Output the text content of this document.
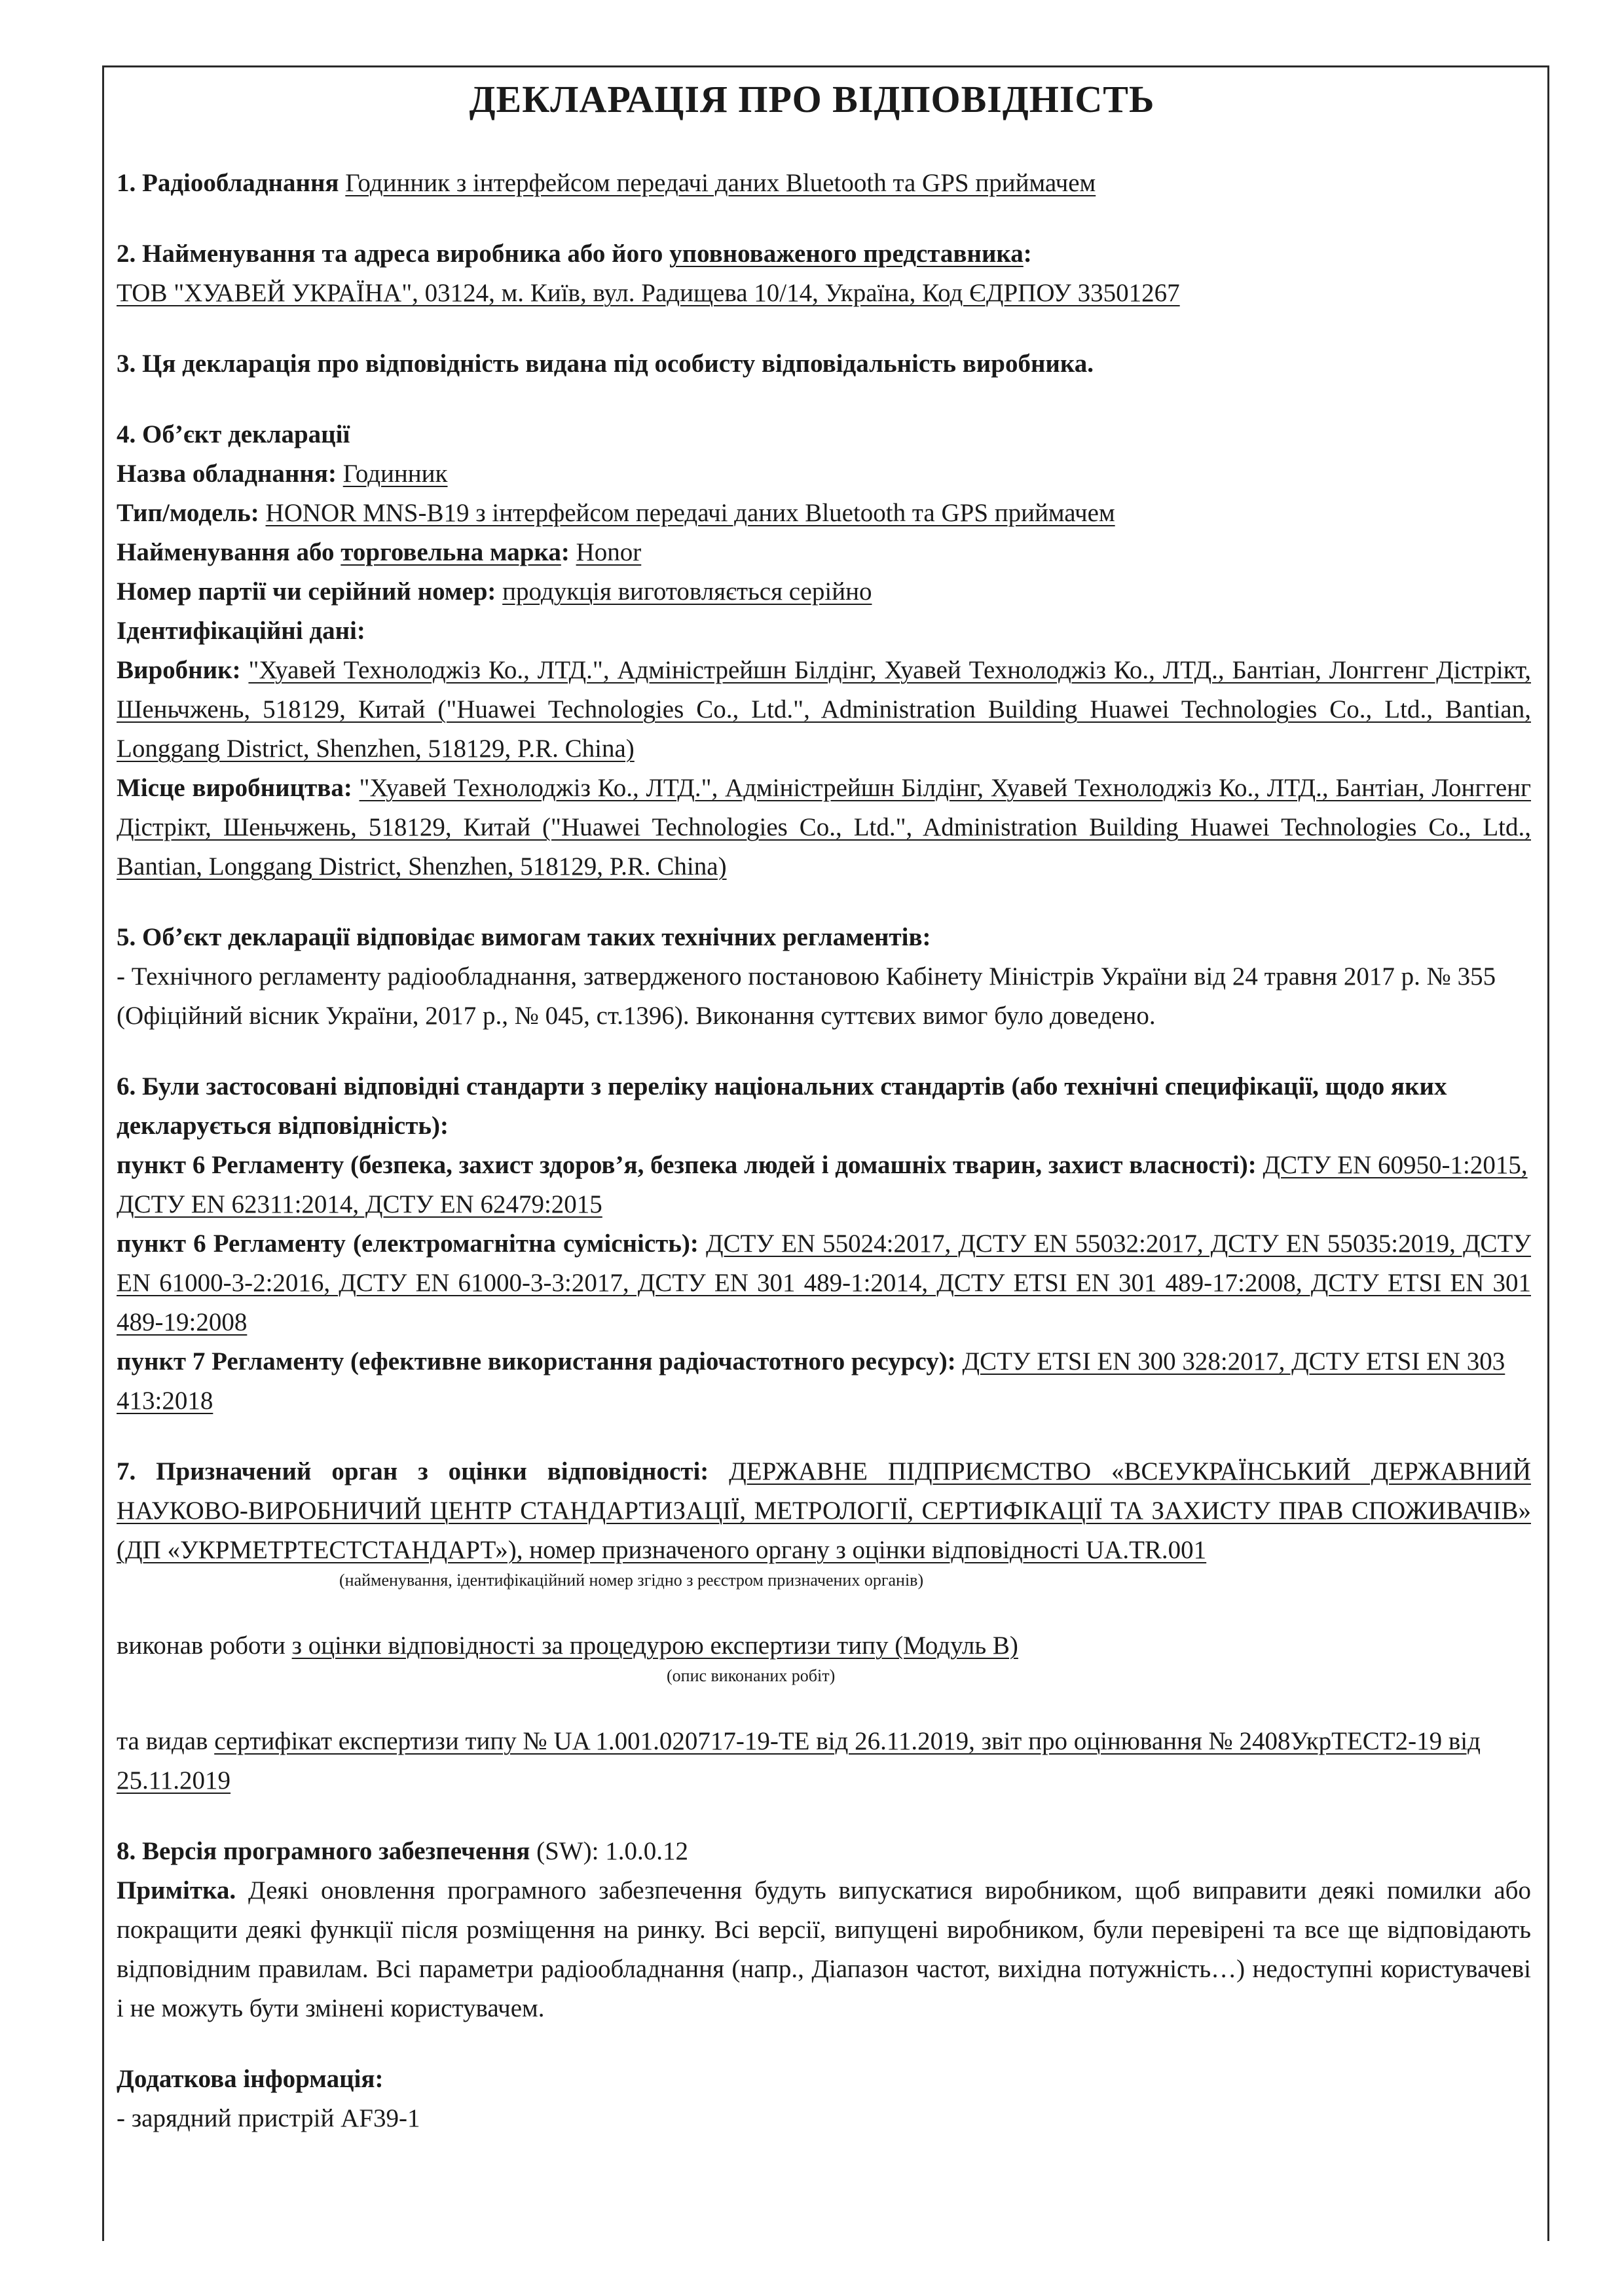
ДЕКЛАРАЦІЯ ПРО ВІДПОВІДНІСТЬ
1. Радіообладнання Годинник з інтерфейсом передачі даних Bluetooth та GPS приймачем

2. Найменування та адреса виробника або його уповноваженого представника:

ТОВ "ХУАВЕЙ УКРАЇНА", 03124, м. Київ, вул. Радищева 10/14, Україна, Код ЄДРПОУ 33501267

3. Ця декларація про відповідність видана під особисту відповідальність виробника.

4. Об’єкт декларації

Назва обладнання: Годинник

Тип/модель: HONOR MNS-B19 з інтерфейсом передачі даних Bluetooth та GPS приймачем

Найменування або торговельна марка: Honor

Номер партії чи серійний номер: продукція виготовляється серійно

Ідентифікаційні дані:

Виробник: "Хуавей Технолоджіз Ко., ЛТД.", Адміністрейшн Білдінг, Хуавей Технолоджіз Ко., ЛТД., Бантіан, Лонггенг Дістрікт, Шеньчжень, 518129, Китай ("Huawei Technologies Co., Ltd.", Administration Building Huawei Technologies Co., Ltd., Bantian, Longgang District, Shenzhen, 518129, P.R. China)

Місце виробництва: "Хуавей Технолоджіз Ко., ЛТД.", Адміністрейшн Білдінг, Хуавей Технолоджіз Ко., ЛТД., Бантіан, Лонггенг Дістрікт, Шеньчжень, 518129, Китай ("Huawei Technologies Co., Ltd.", Administration Building Huawei Technologies Co., Ltd., Bantian, Longgang District, Shenzhen, 518129, P.R. China)

5. Об’єкт декларації відповідає вимогам таких технічних регламентів:

- Технічного регламенту радіообладнання, затвердженого постановою Кабінету Міністрів України від 24 травня 2017 р. № 355 (Офіційний вісник України, 2017 р., № 045, ст.1396). Виконання суттєвих вимог було доведено.

6. Були застосовані відповідні стандарти з переліку національних стандартів (або технічні специфікації, щодо яких декларується відповідність):

пункт 6 Регламенту (безпека, захист здоров’я, безпека людей і домашніх тварин, захист власності): ДСТУ EN 60950-1:2015, ДСТУ EN 62311:2014, ДСТУ EN 62479:2015

пункт 6 Регламенту (електромагнітна сумісність): ДСТУ EN 55024:2017, ДСТУ EN 55032:2017, ДСТУ EN 55035:2019, ДСТУ EN 61000-3-2:2016, ДСТУ EN 61000-3-3:2017, ДСТУ EN 301 489-1:2014, ДСТУ ETSI EN 301 489-17:2008, ДСТУ ETSI EN 301 489-19:2008

пункт 7 Регламенту (ефективне використання радіочастотного ресурсу): ДСТУ ETSI EN 300 328:2017, ДСТУ ETSI EN 303 413:2018

7. Призначений орган з оцінки відповідності: ДЕРЖАВНЕ ПІДПРИЄМСТВО «ВСЕУКРАЇНСЬКИЙ ДЕРЖАВНИЙ НАУКОВО-ВИРОБНИЧИЙ ЦЕНТР СТАНДАРТИЗАЦІЇ, МЕТРОЛОГІЇ, СЕРТИФІКАЦІЇ ТА ЗАХИСТУ ПРАВ СПОЖИВАЧІВ» (ДП «УКРМЕТРТЕСТСТАНДАРТ»), номер призначеного органу з оцінки відповідності UA.TR.001

(найменування, ідентифікаційний номер згідно з реєстром призначених органів)

виконав роботи з оцінки відповідності за процедурою експертизи типу (Модуль В)

(опис виконаних робіт)

та видав сертифікат експертизи типу № UA 1.001.020717-19-TE від 26.11.2019, звіт про оцінювання № 2408УкрТЕСТ2-19 від 25.11.2019

8. Версія програмного забезпечення (SW): 1.0.0.12

Примітка. Деякі оновлення програмного забезпечення будуть випускатися виробником, щоб виправити деякі помилки або покращити деякі функції після розміщення на ринку. Всі версії, випущені виробником, були перевірені та все ще відповідають відповідним правилам. Всі параметри радіообладнання (напр., Діапазон частот, вихідна потужність…) недоступні користувачеві і не можуть бути змінені користувачем.

Додаткова інформація:

- зарядний пристрій AF39-1
